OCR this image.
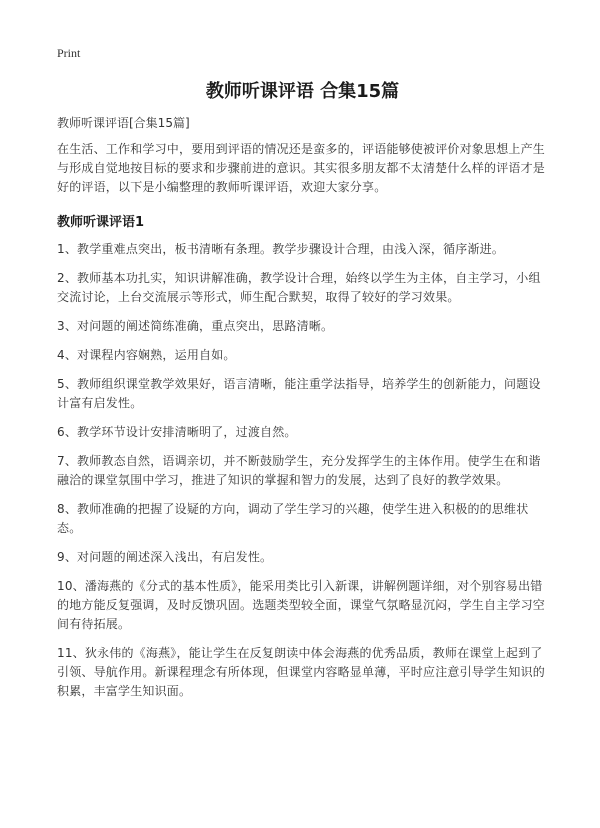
Print

教师听课评语 合集15篇

教师听课评语[合集15篇]

在生活、工作和学习中，要用到评语的情况还是蛮多的，评语能够使被评价对象思想上产生与形成自觉地按目标的要求和步骤前进的意识。其实很多朋友都不太清楚什么样的评语才是好的评语，以下是小编整理的教师听课评语，欢迎大家分享。

教师听课评语1

1、教学重难点突出，板书清晰有条理。教学步骤设计合理，由浅入深，循序渐进。

2、教师基本功扎实，知识讲解准确，教学设计合理，始终以学生为主体，自主学习，小组交流讨论，上台交流展示等形式，师生配合默契，取得了较好的学习效果。

3、对问题的阐述简练准确，重点突出，思路清晰。

4、对课程内容娴熟，运用自如。

5、教师组织课堂教学效果好，语言清晰，能注重学法指导，培养学生的创新能力，问题设计富有启发性。

6、教学环节设计安排清晰明了，过渡自然。

7、教师教态自然，语调亲切，并不断鼓励学生，充分发挥学生的主体作用。使学生在和谐融洽的课堂氛围中学习，推进了知识的掌握和智力的发展，达到了良好的教学效果。

8、教师准确的把握了设疑的方向，调动了学生学习的兴趣，使学生进入积极的的思维状态。

9、对问题的阐述深入浅出，有启发性。

10、潘海燕的《分式的基本性质》，能采用类比引入新课，讲解例题详细，对个别容易出错的地方能反复强调，及时反馈巩固。选题类型较全面，课堂气氛略显沉闷，学生自主学习空间有待拓展。

11、狄永伟的《海燕》，能让学生在反复朗读中体会海燕的优秀品质，教师在课堂上起到了引领、导航作用。新课程理念有所体现，但课堂内容略显单薄，平时应注意引导学生知识的积累，丰富学生知识面。
